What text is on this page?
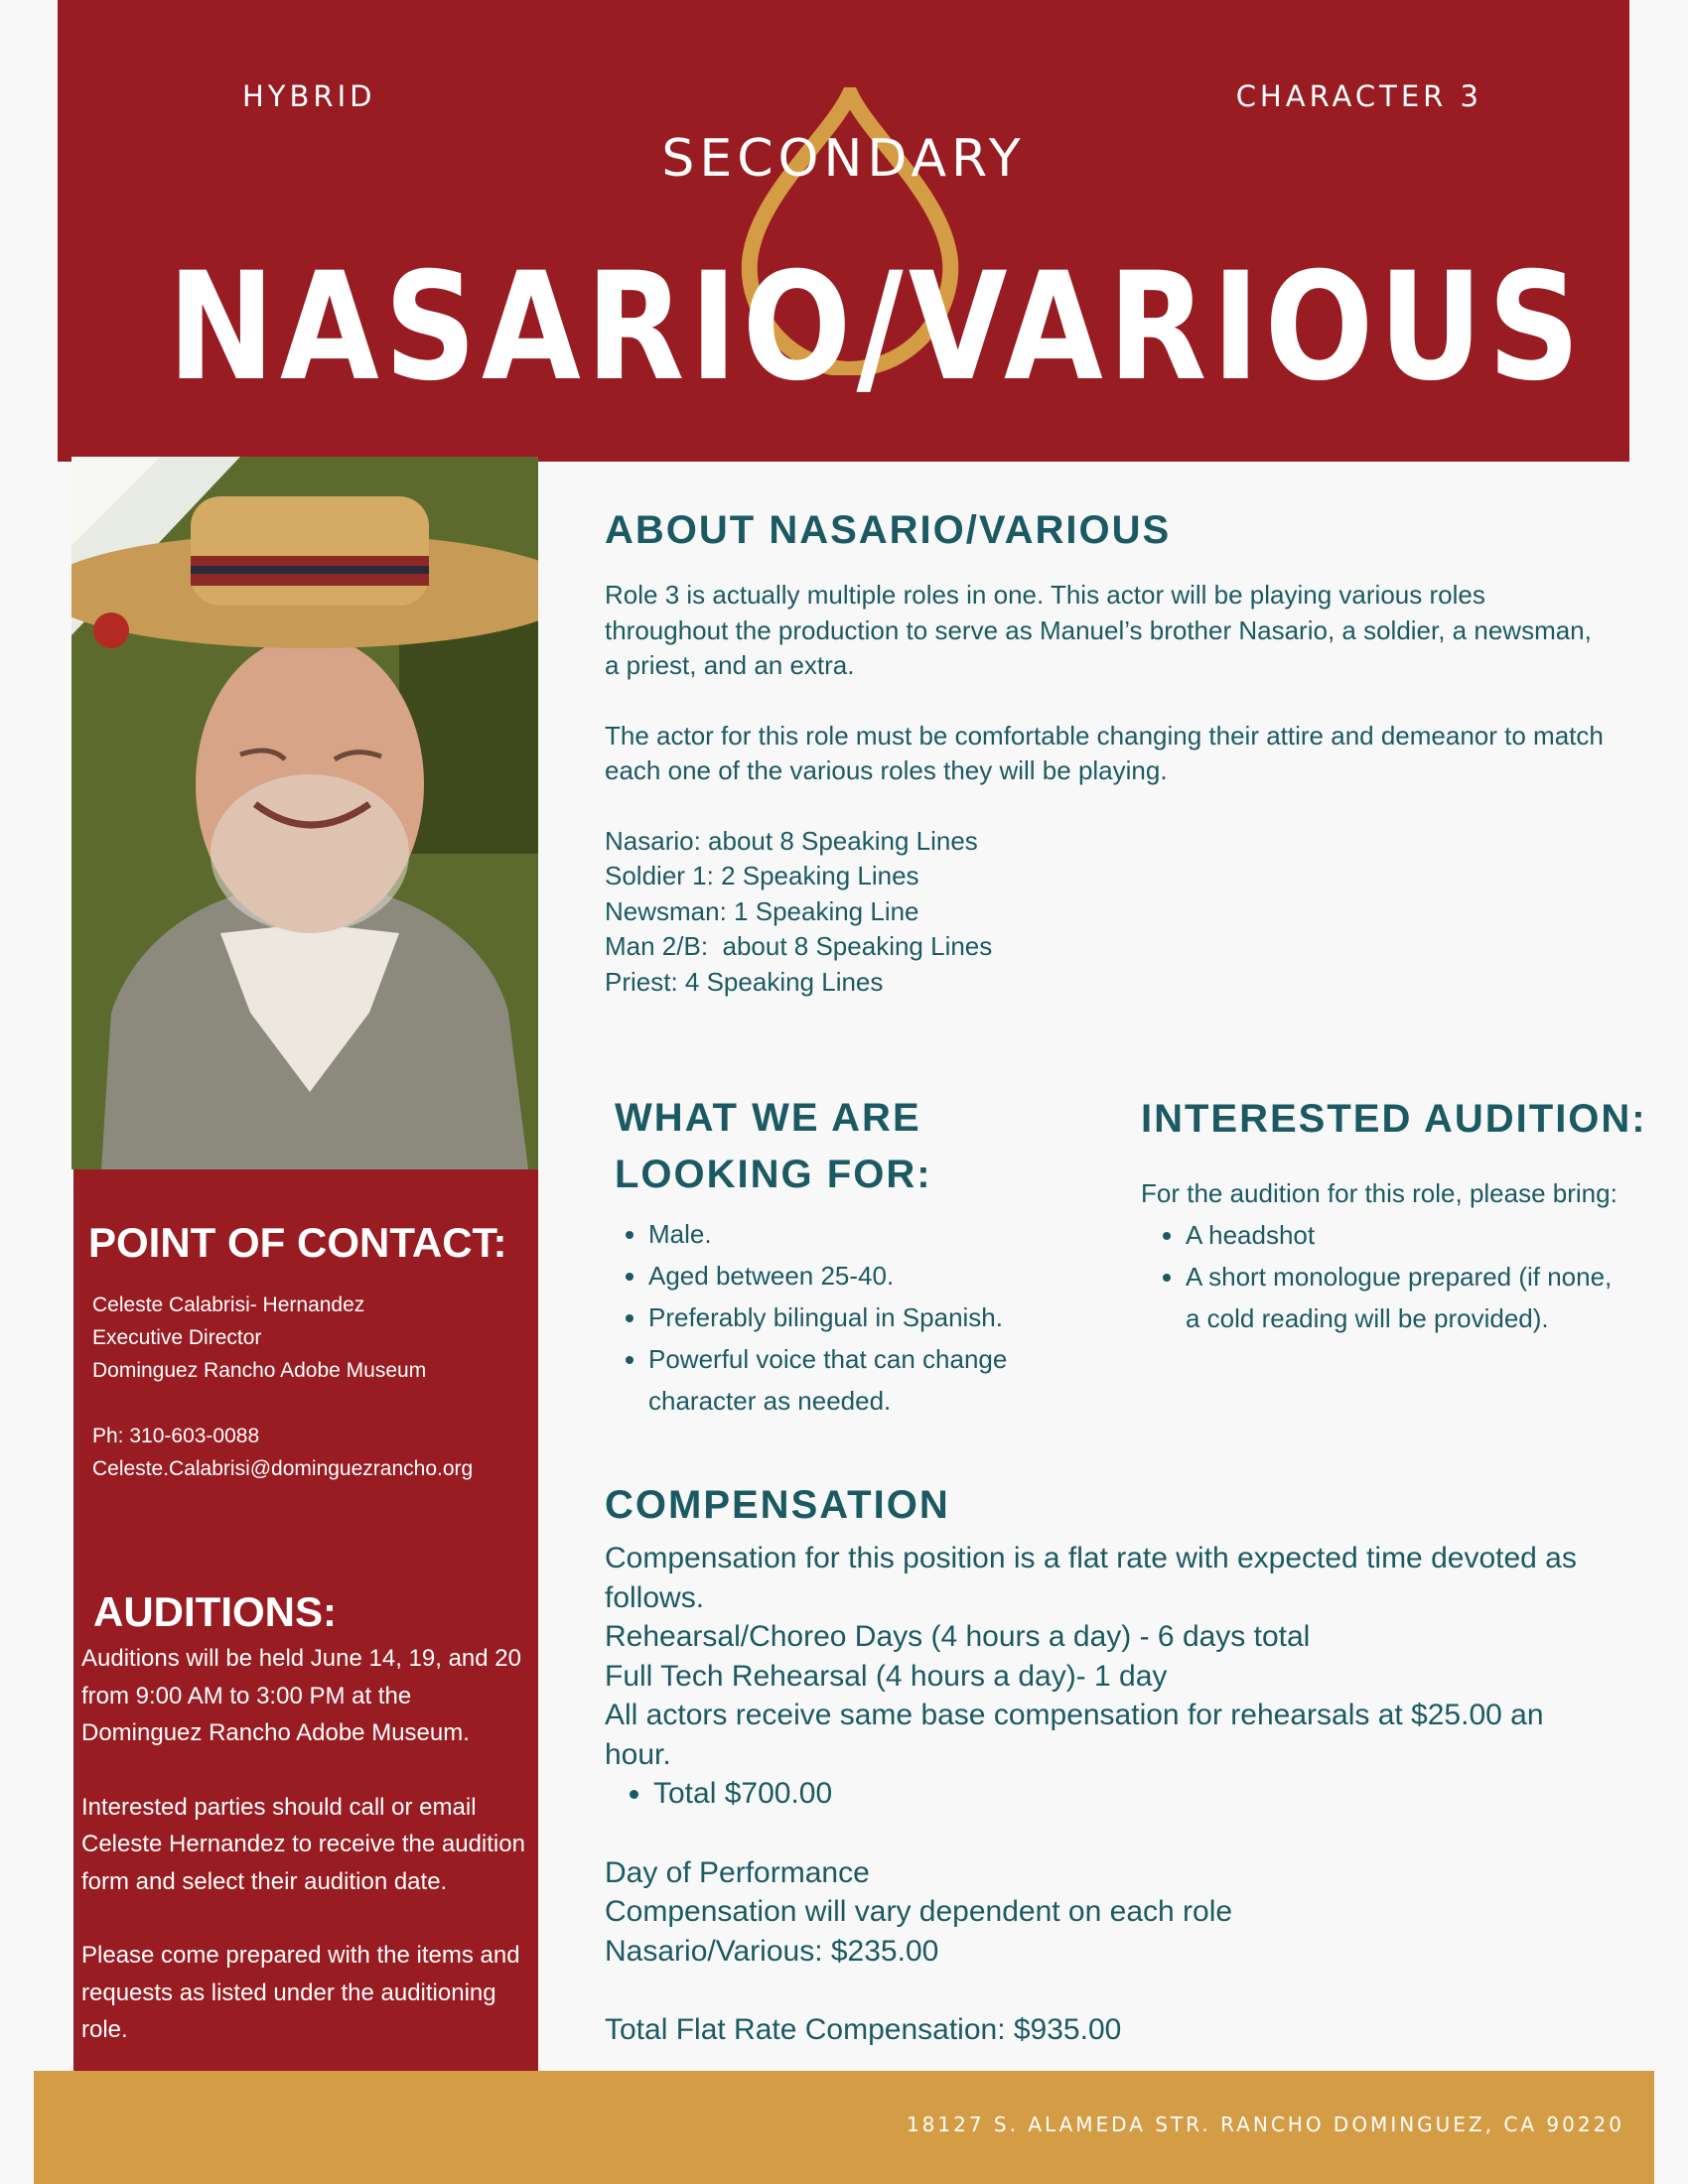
HYBRID	CHARACTER 3
SECONDARY
NASARIO/VARIOUS
POINT OF CONTACT:
Celeste Calabrisi- Hernandez
Executive Director
Dominguez Rancho Adobe Museum
Ph: 310-603-0088
Celeste.Calabrisi@dominguezrancho.org
AUDITIONS:
Auditions will be held June 14, 19, and 20 from 9:00 AM to 3:00 PM at the Dominguez Rancho Adobe Museum.
Interested parties should call or email Celeste Hernandez to receive the audition form and select their audition date.
Please come prepared with the items and requests as listed under the auditioning role.
ABOUT NASARIO/VARIOUS
Role 3 is actually multiple roles in one. This actor will be playing various roles throughout the production to serve as Manuel’s brother Nasario, a soldier, a newsman, a priest, and an extra.
The actor for this role must be comfortable changing their attire and demeanor to match each one of the various roles they will be playing.
Nasario: about 8 Speaking Lines
Soldier 1: 2 Speaking Lines
Newsman: 1 Speaking Line
Man 2/B:  about 8 Speaking Lines
Priest: 4 Speaking Lines
WHAT WE ARE
LOOKING FOR:
• Male.
• Aged between 25-40.
• Preferably bilingual in Spanish.
• Powerful voice that can change character as needed.
INTERESTED AUDITION:
For the audition for this role, please bring:
• A headshot
• A short monologue prepared (if none, a cold reading will be provided).
COMPENSATION
Compensation for this position is a flat rate with expected time devoted as follows.
Rehearsal/Choreo Days (4 hours a day) - 6 days total
Full Tech Rehearsal (4 hours a day)- 1 day
All actors receive same base compensation for rehearsals at $25.00 an hour.
• Total $700.00
Day of Performance
Compensation will vary dependent on each role
Nasario/Various: $235.00
Total Flat Rate Compensation: $935.00
18127 S. ALAMEDA STR. RANCHO DOMINGUEZ, CA 90220
